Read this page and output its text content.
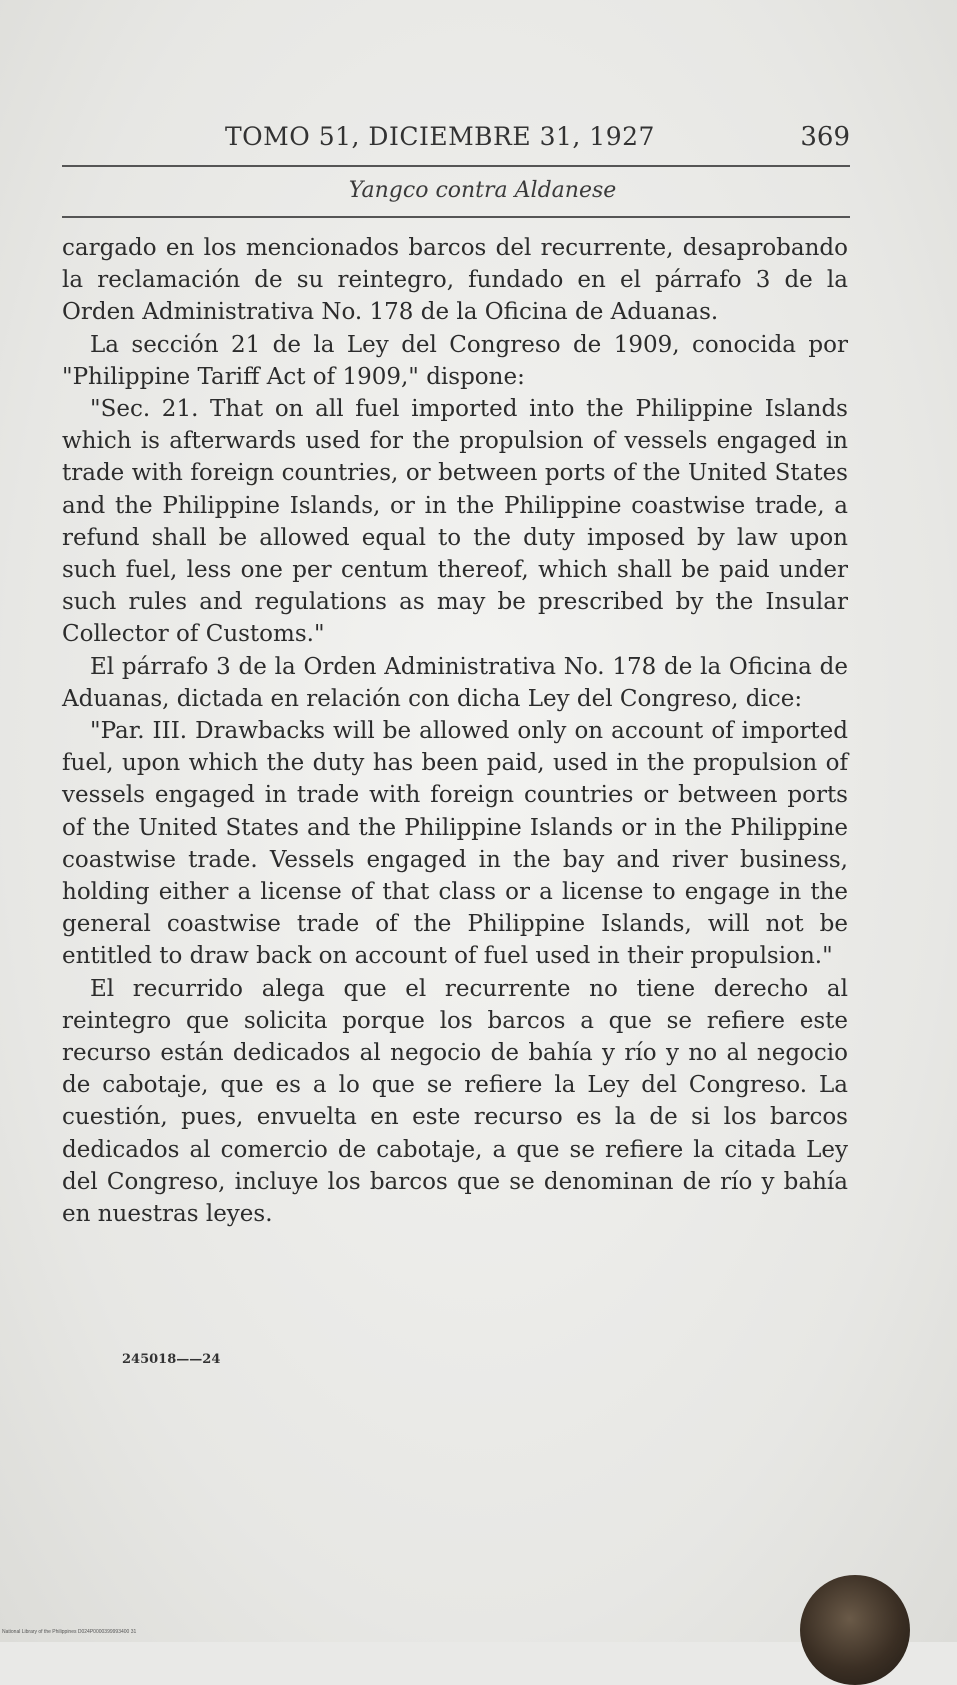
TOMO 51, DICIEMBRE 31, 1927	369
Yangco contra Aldanese

cargado en los mencionados barcos del recurrente, desaprobando la reclamación de su reintegro, fundado en el párrafo 3 de la Orden Administrativa No. 178 de la Oficina de Aduanas.

La sección 21 de la Ley del Congreso de 1909, conocida por "Philippine Tariff Act of 1909," dispone:

"Sec. 21. That on all fuel imported into the Philippine Islands which is afterwards used for the propulsion of vessels engaged in trade with foreign countries, or between ports of the United States and the Philippine Islands, or in the Philippine coastwise trade, a refund shall be allowed equal to the duty imposed by law upon such fuel, less one per centum thereof, which shall be paid under such rules and regulations as may be prescribed by the Insular Collector of Customs."

El párrafo 3 de la Orden Administrativa No. 178 de la Oficina de Aduanas, dictada en relación con dicha Ley del Congreso, dice:

"Par. III. Drawbacks will be allowed only on account of imported fuel, upon which the duty has been paid, used in the propulsion of vessels engaged in trade with foreign countries or between ports of the United States and the Philippine Islands or in the Philippine coastwise trade. Vessels engaged in the bay and river business, holding either a license of that class or a license to engage in the general coastwise trade of the Philippine Islands, will not be entitled to draw back on account of fuel used in their propulsion."

El recurrido alega que el recurrente no tiene derecho al reintegro que solicita porque los barcos a que se refiere este recurso están dedicados al negocio de bahía y río y no al negocio de cabotaje, que es a lo que se refiere la Ley del Congreso. La cuestión, pues, envuelta en este recurso es la de si los barcos dedicados al comercio de cabotaje, a que se refiere la citada Ley del Congreso, incluye los barcos que se denominan de río y bahía en nuestras leyes.

245018——24
National Library of the Philippines D024P0000399993400 31
